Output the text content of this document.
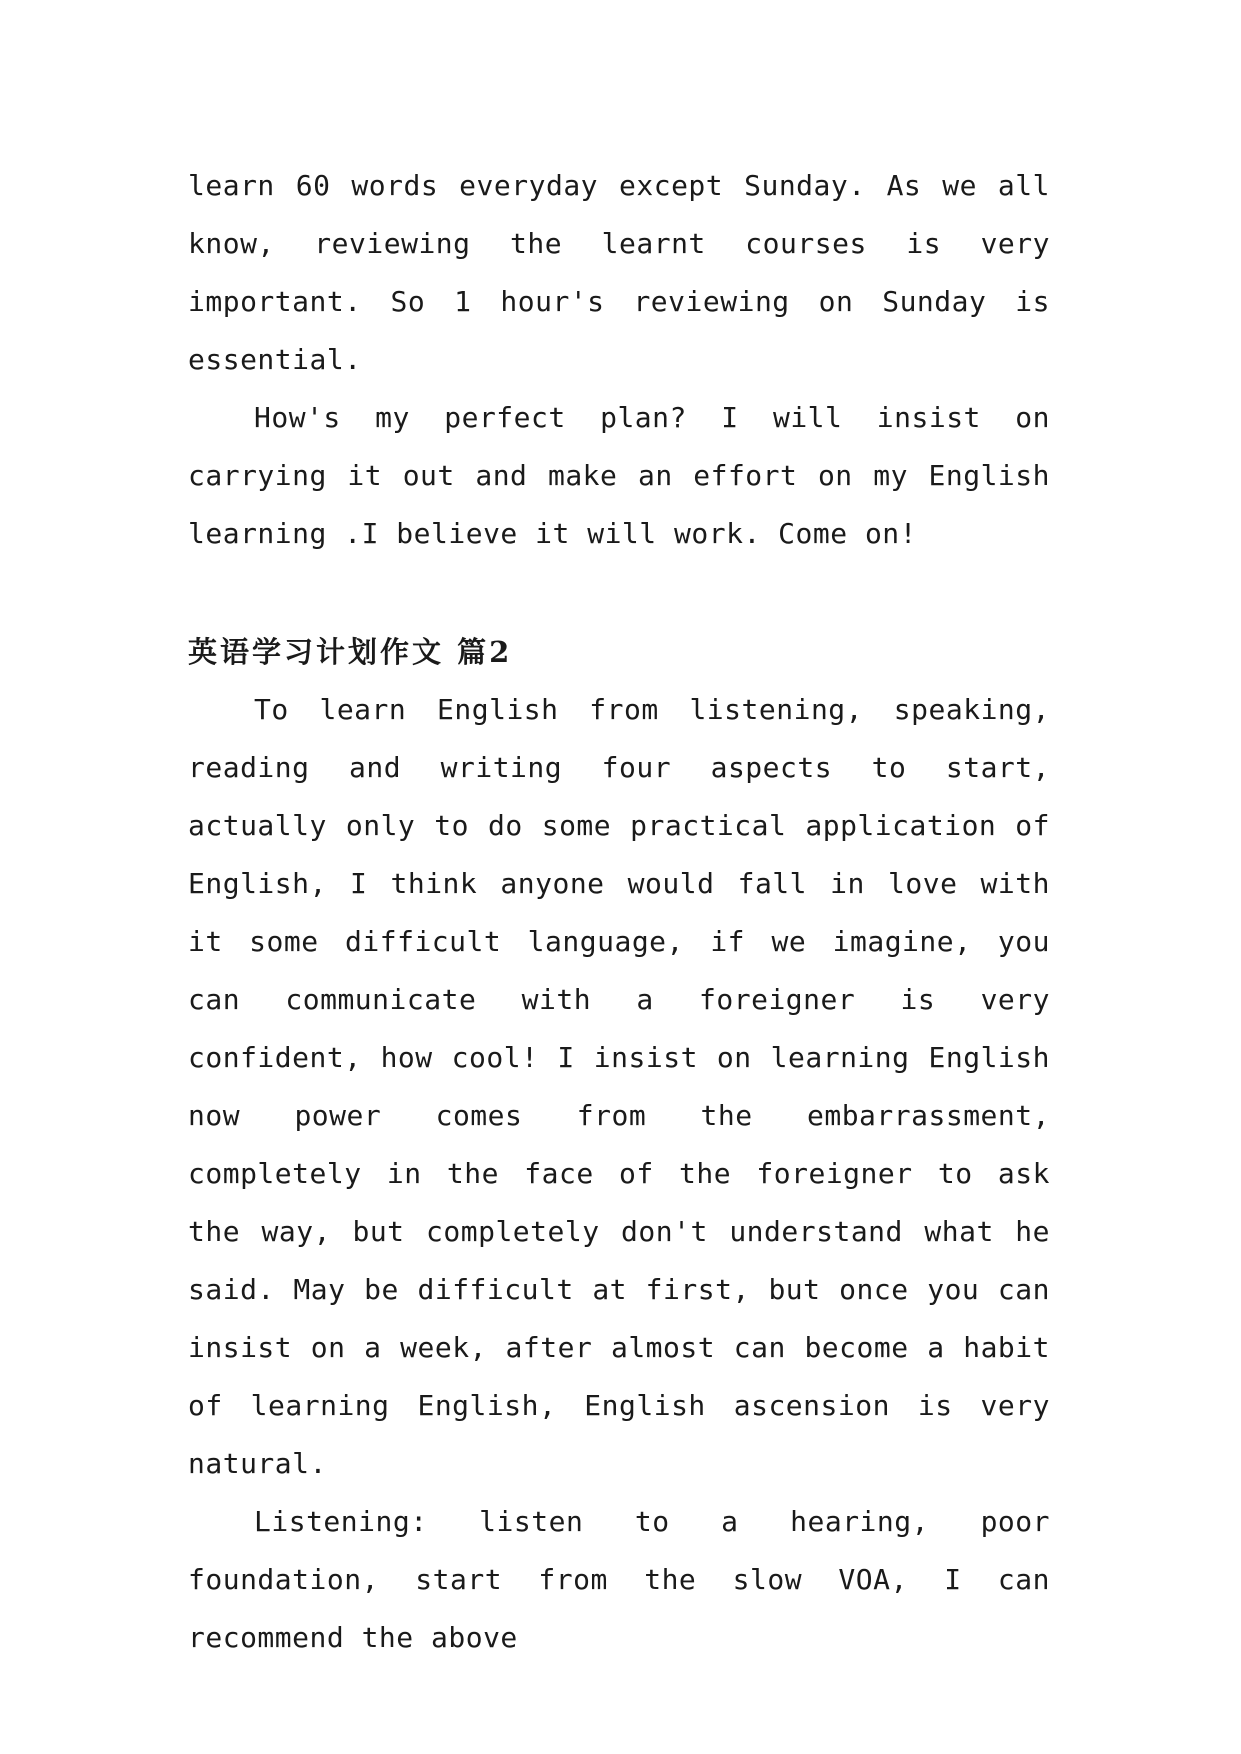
learn 60 words everyday except Sunday. As we all know, reviewing the learnt courses is very important. So 1 hour's reviewing on Sunday is essential.

How's my perfect plan? I will insist on carrying it out and make an effort on my English learning .I believe it will work. Come on!

英语学习计划作文 篇2

To learn English from listening, speaking, reading and writing four aspects to start, actually only to do some practical application of English, I think anyone would fall in love with it some difficult language, if we imagine, you can communicate with a foreigner is very confident, how cool! I insist on learning English now power comes from the embarrassment, completely in the face of the foreigner to ask the way, but completely don't understand what he said. May be difficult at first, but once you can insist on a week, after almost can become a habit of learning English, English ascension is very natural.

Listening: listen to a hearing, poor foundation, start from the slow VOA, I can recommend the above
